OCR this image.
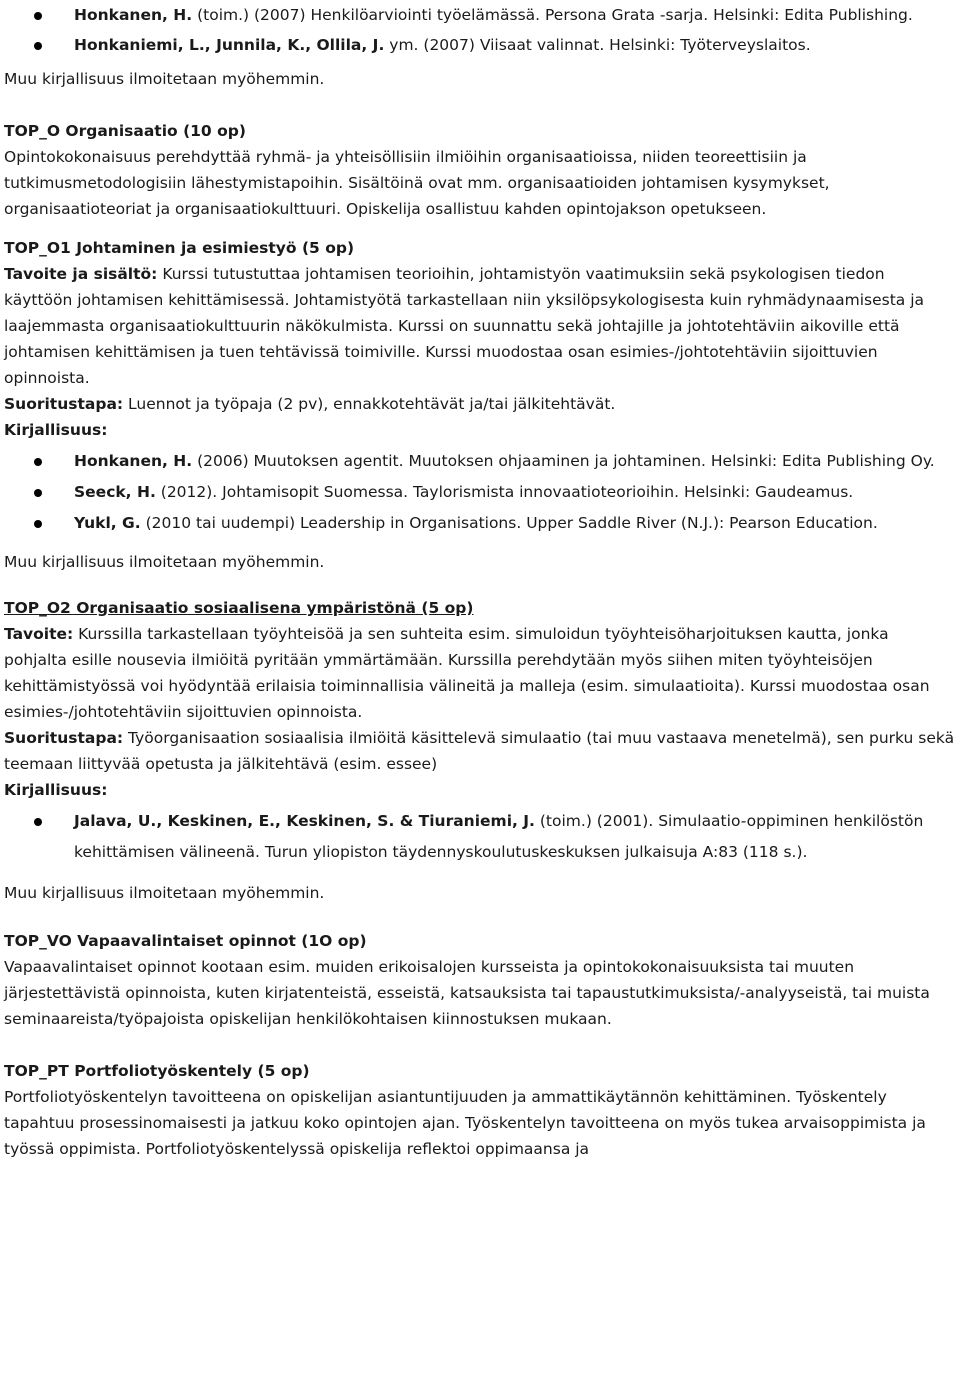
Honkanen, H. (toim.) (2007) Henkilöarviointi työelämässä. Persona Grata -sarja. Helsinki: Edita Publishing.
Honkaniemi, L., Junnila, K., Ollila, J. ym. (2007) Viisaat valinnat. Helsinki: Työterveyslaitos.

Muu kirjallisuus ilmoitetaan myöhemmin.

TOP_O Organisaatio (10 op)

Opintokokonaisuus perehdyttää ryhmä- ja yhteisöllisiin ilmiöihin organisaatioissa, niiden teoreettisiin ja tutkimusmetodologisiin lähestymistapoihin. Sisältöinä ovat mm. organisaatioiden johtamisen kysymykset, organisaatioteoriat ja organisaatiokulttuuri. Opiskelija osallistuu kahden opintojakson opetukseen.

TOP_O1 Johtaminen ja esimiestyö (5 op)

Tavoite ja sisältö: Kurssi tutustuttaa johtamisen teorioihin, johtamistyön vaatimuksiin sekä psykologisen tiedon käyttöön johtamisen kehittämisessä. Johtamistyötä tarkastellaan niin yksilöpsykologisesta kuin ryhmädynaamisesta ja laajemmasta organisaatiokulttuurin näkökulmista. Kurssi on suunnattu sekä johtajille ja johtotehtäviin aikoville että johtamisen kehittämisen ja tuen tehtävissä toimiville. Kurssi muodostaa osan esimies-/johtotehtäviin sijoittuvien opinnoista.

Suoritustapa: Luennot ja työpaja (2 pv), ennakkotehtävät ja/tai jälkitehtävät.

Kirjallisuus:

Honkanen, H. (2006) Muutoksen agentit. Muutoksen ohjaaminen ja johtaminen. Helsinki: Edita Publishing Oy.
Seeck, H. (2012). Johtamisopit Suomessa. Taylorismista innovaatioteorioihin. Helsinki: Gaudeamus.
Yukl, G. (2010 tai uudempi) Leadership in Organisations. Upper Saddle River (N.J.): Pearson Education.

Muu kirjallisuus ilmoitetaan myöhemmin.

TOP_O2 Organisaatio sosiaalisena ympäristönä (5 op)

Tavoite: Kurssilla tarkastellaan työyhteisöä ja sen suhteita esim. simuloidun työyhteisöharjoituksen kautta, jonka pohjalta esille nousevia ilmiöitä pyritään ymmärtämään. Kurssilla perehdytään myös siihen miten työyhteisöjen kehittämistyössä voi hyödyntää erilaisia toiminnallisia välineitä ja malleja (esim. simulaatioita). Kurssi muodostaa osan esimies-/johtotehtäviin sijoittuvien opinnoista.

Suoritustapa: Työorganisaation sosiaalisia ilmiöitä käsittelevä simulaatio (tai muu vastaava menetelmä), sen purku sekä teemaan liittyvää opetusta ja jälkitehtävä (esim. essee)

Kirjallisuus:

Jalava, U., Keskinen, E., Keskinen, S. & Tiuraniemi, J. (toim.) (2001). Simulaatio-oppiminen henkilöstön kehittämisen välineenä. Turun yliopiston täydennyskoulutuskeskuksen julkaisuja A:83 (118 s.).

Muu kirjallisuus ilmoitetaan myöhemmin.

TOP_VO Vapaavalintaiset opinnot (1O op)

Vapaavalintaiset opinnot kootaan esim. muiden erikoisalojen kursseista ja opintokokonaisuuksista tai muuten järjestettävistä opinnoista, kuten kirjatenteistä, esseistä, katsauksista tai tapaustutkimuksista/-analyyseistä, tai muista seminaareista/työpajoista opiskelijan henkilökohtaisen kiinnostuksen mukaan.

TOP_PT Portfoliotyöskentely (5 op)

Portfoliotyöskentelyn tavoitteena on opiskelijan asiantuntijuuden ja ammattikäytännön kehittäminen. Työskentely tapahtuu prosessinomaisesti ja jatkuu koko opintojen ajan. Työskentelyn tavoitteena on myös tukea arvaisoppimista ja työssä oppimista. Portfoliotyöskentelyssä opiskelija reflektoi oppimaansa ja
